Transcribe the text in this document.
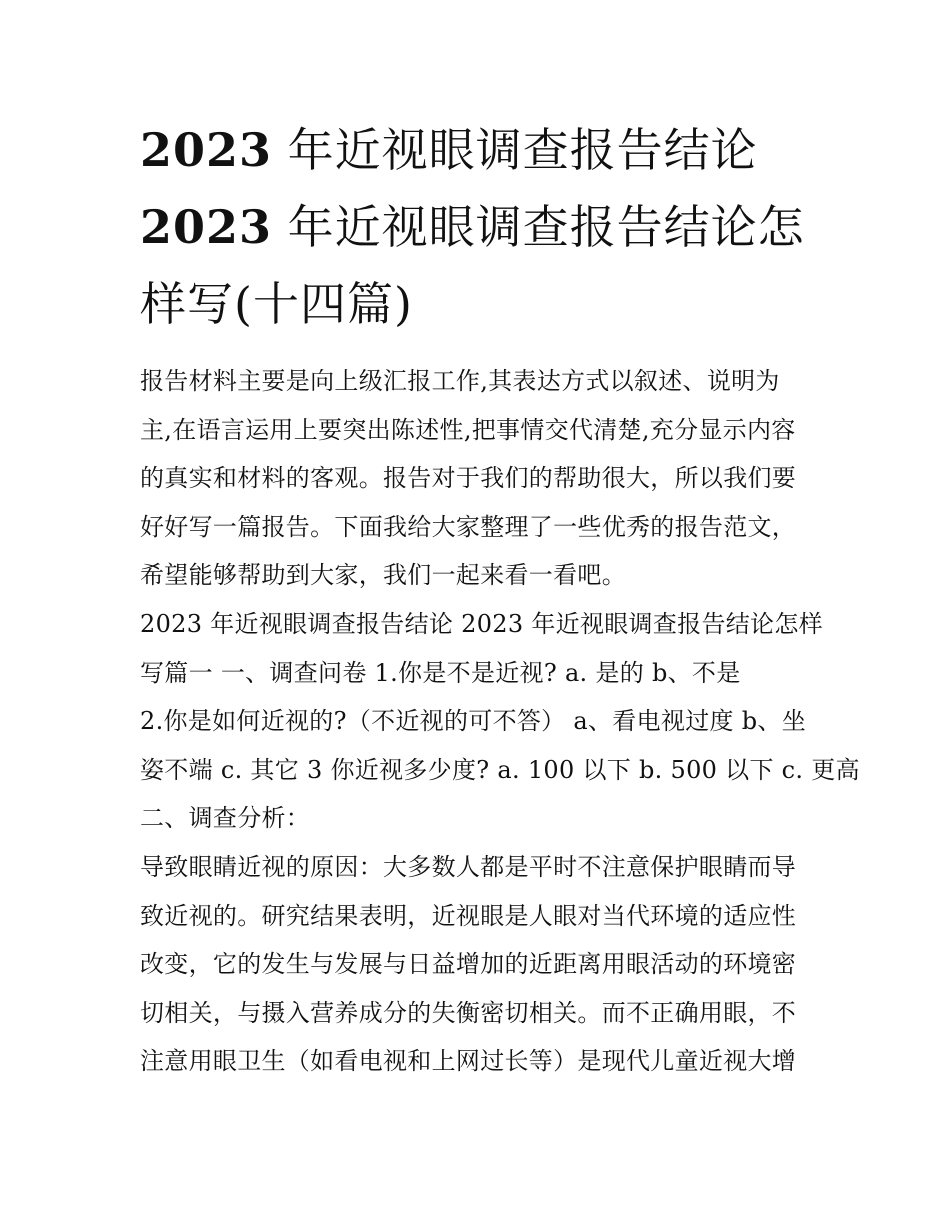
2023 年近视眼调查报告结论
2023 年近视眼调查报告结论怎
样写(十四篇)

报告材料主要是向上级汇报工作,其表达方式以叙述、说明为
主,在语言运用上要突出陈述性,把事情交代清楚,充分显示内容
的真实和材料的客观。报告对于我们的帮助很大，所以我们要
好好写一篇报告。下面我给大家整理了一些优秀的报告范文，
希望能够帮助到大家，我们一起来看一看吧。

2023 年近视眼调查报告结论 2023 年近视眼调查报告结论怎样
写篇一 一、调查问卷 1.你是不是近视? a. 是的 b、不是
2.你是如何近视的?（不近视的可不答） a、看电视过度 b、坐
姿不端 c. 其它 3 你近视多少度? a. 100 以下 b. 500 以下 c. 更高

二、调查分析：

导致眼睛近视的原因：大多数人都是平时不注意保护眼睛而导
致近视的。研究结果表明，近视眼是人眼对当代环境的适应性
改变，它的发生与发展与日益增加的近距离用眼活动的环境密
切相关，与摄入营养成分的失衡密切相关。而不正确用眼，不
注意用眼卫生（如看电视和上网过长等）是现代儿童近视大增
